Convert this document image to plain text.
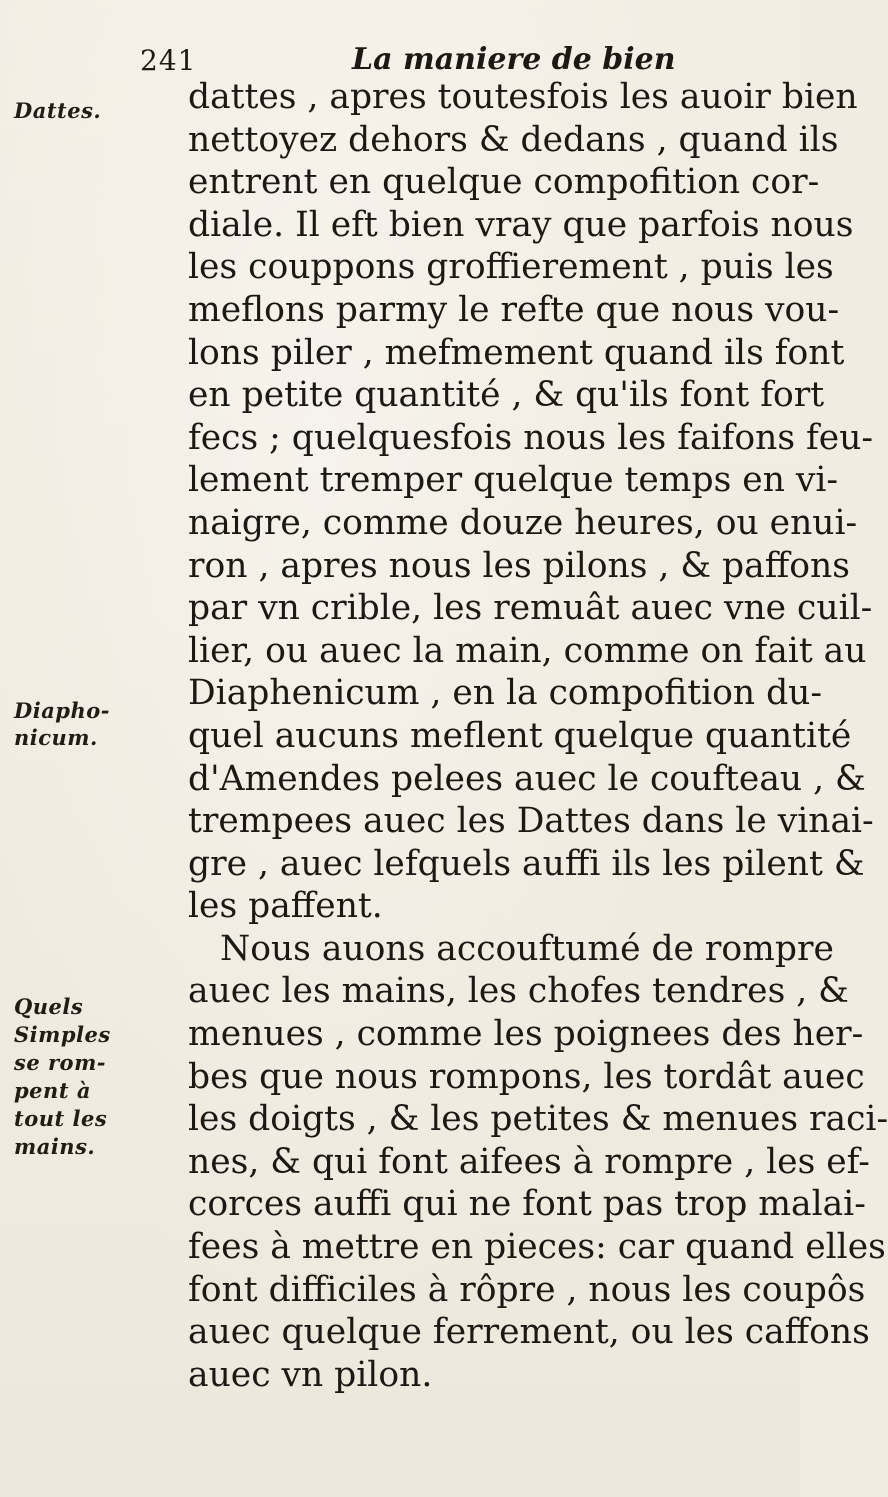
241	La maniere de bien
Dattes.
Diapho-
nicum.
Quels
Simples
se rom-
pent à
tout les
mains.
dattes , apres toutesfois les auoir bien
nettoyez dehors & dedans , quand ils
entrent en quelque compofition cor-
diale. Il eft bien vray que parfois nous
les couppons groffierement , puis les
meflons parmy le refte que nous vou-
lons piler , mefmement quand ils font
en petite quantité , & qu'ils font fort
fecs ; quelquesfois nous les faifons feu-
lement tremper quelque temps en vi-
naigre, comme douze heures, ou enui-
ron , apres nous les pilons , & paffons
par vn crible, les remuât auec vne cuil-
lier, ou auec la main, comme on fait au
Diaphenicum , en la compofition du-
quel aucuns meflent quelque quantité
d'Amendes pelees auec le coufteau , &
trempees auec les Dattes dans le vinai-
gre , auec lefquels auffi ils les pilent &
les paffent.
Nous auons accouftumé de rompre
auec les mains, les chofes tendres , &
menues , comme les poignees des her-
bes que nous rompons, les tordât auec
les doigts , & les petites & menues raci-
nes, & qui font aifees à rompre , les ef-
corces auffi qui ne font pas trop malai-
fees à mettre en pieces: car quand elles
font difficiles à rôpre , nous les coupôs
auec quelque ferrement, ou les caffons
auec vn pilon.
